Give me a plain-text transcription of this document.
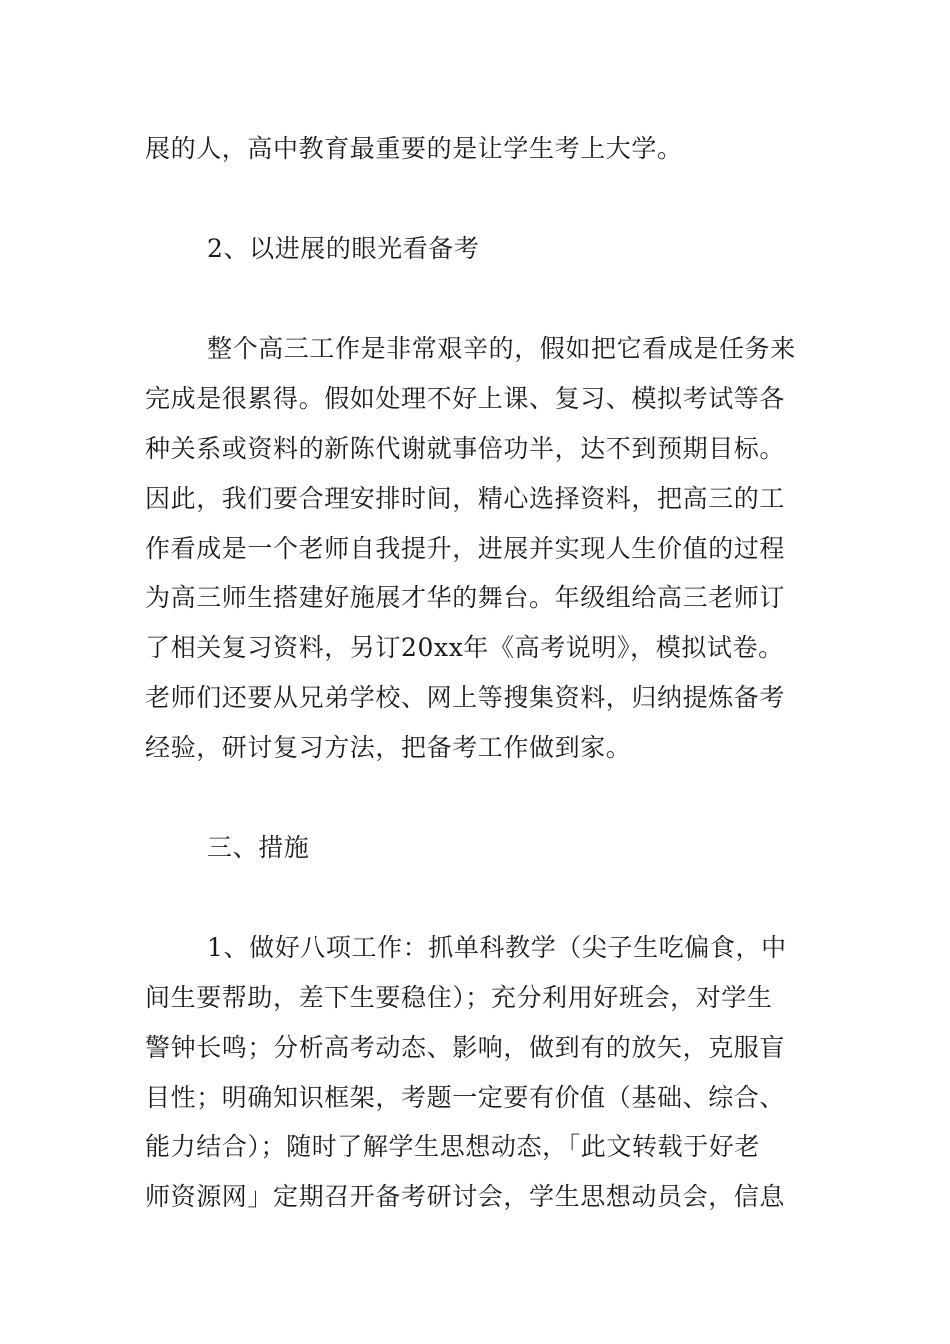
展的人，高中教育最重要的是让学生考上大学。
2、以进展的眼光看备考
整个高三工作是非常艰辛的，假如把它看成是任务来
完成是很累得。假如处理不好上课、复习、模拟考试等各
种关系或资料的新陈代谢就事倍功半，达不到预期目标。
因此，我们要合理安排时间，精心选择资料，把高三的工
作看成是一个老师自我提升，进展并实现人生价值的过程
为高三师生搭建好施展才华的舞台。年级组给高三老师订
了相关复习资料，另订20xx年《高考说明》，模拟试卷。
老师们还要从兄弟学校、网上等搜集资料，归纳提炼备考
经验，研讨复习方法，把备考工作做到家。
三、措施
1、做好八项工作：抓单科教学（尖子生吃偏食，中
间生要帮助，差下生要稳住）；充分利用好班会，对学生
警钟长鸣；分析高考动态、影响，做到有的放矢，克服盲
目性；明确知识框架，考题一定要有价值（基础、综合、
能力结合）；随时了解学生思想动态，「此文转载于好老
师资源网」定期召开备考研讨会，学生思想动员会，信息
